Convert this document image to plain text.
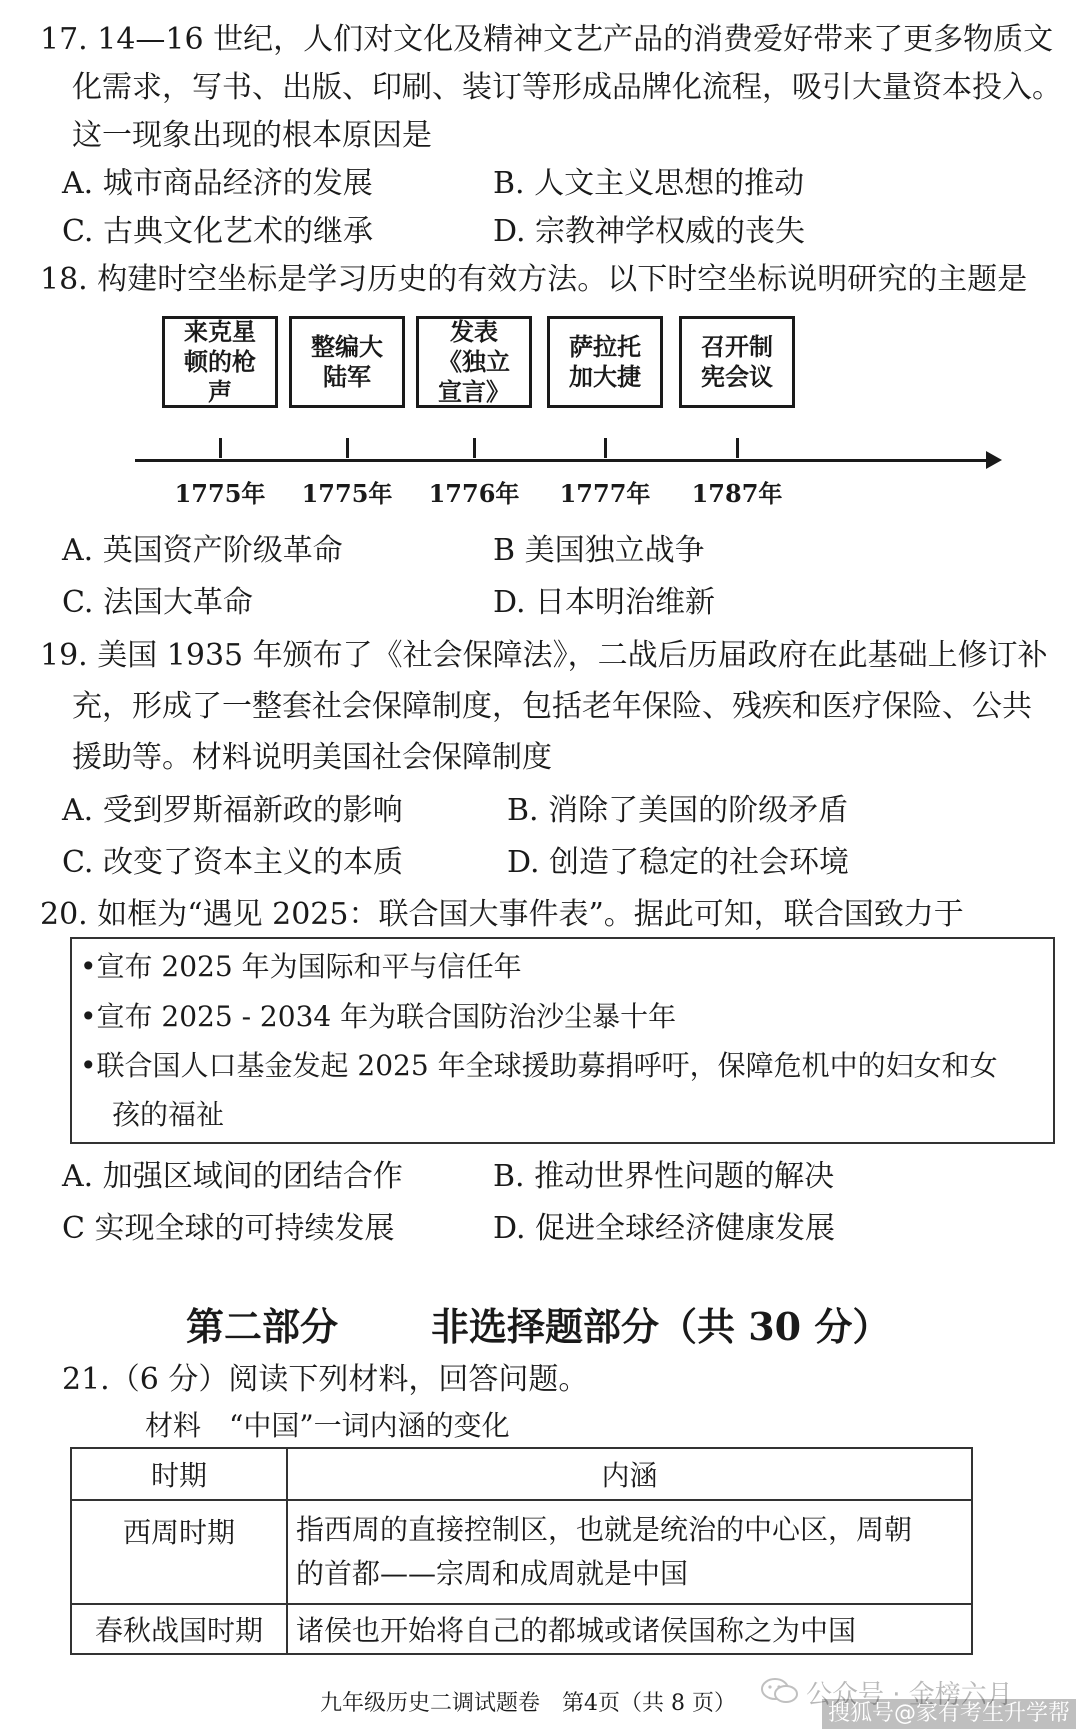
17. 14—16 世纪，人们对文化及精神文艺产品的消费爱好带来了更多物质文
化需求，写书、出版、印刷、装订等形成品牌化流程，吸引大量资本投入。
这一现象出现的根本原因是
A. 城市商品经济的发展	B. 人文主义思想的推动
C. 古典文化艺术的继承	D. 宗教神学权威的丧失
18. 构建时空坐标是学习历史的有效方法。以下时空坐标说明研究的主题是
来克星顿的枪声
整编大陆军
发表《独立宣言》
萨拉托加大捷
召开制宪会议
1775年	1775年	1776年	1777年	1787年
A. 英国资产阶级革命	B 美国独立战争
C. 法国大革命	D. 日本明治维新
19. 美国 1935 年颁布了《社会保障法》，二战后历届政府在此基础上修订补
充，形成了一整套社会保障制度，包括老年保险、残疾和医疗保险、公共
援助等。材料说明美国社会保障制度
A. 受到罗斯福新政的影响	B. 消除了美国的阶级矛盾
C. 改变了资本主义的本质	D. 创造了稳定的社会环境
20. 如框为“遇见 2025：联合国大事件表”。据此可知，联合国致力于
•宣布 2025 年为国际和平与信任年
•宣布 2025 - 2034 年为联合国防治沙尘暴十年
•联合国人口基金发起 2025 年全球援助募捐呼吁，保障危机中的妇女和女
孩的福祉
A. 加强区域间的团结合作	B. 推动世界性问题的解决
C 实现全球的可持续发展	D. 促进全球经济健康发展
第二部分 非选择题部分（共 30 分）
21.（6 分）阅读下列材料，回答问题。
材料　“中国”一词内涵的变化
时期	内涵
西周时期	指西周的直接控制区，也就是统治的中心区，周朝
的首都——宗周和成周就是中国

春秋战国时期	诸侯也开始将自己的都城或诸侯国称之为中国
九年级历史二调试题卷　第4页（共 8 页）	公众号 · 金榜六月
搜狐号@家有考生升学帮
